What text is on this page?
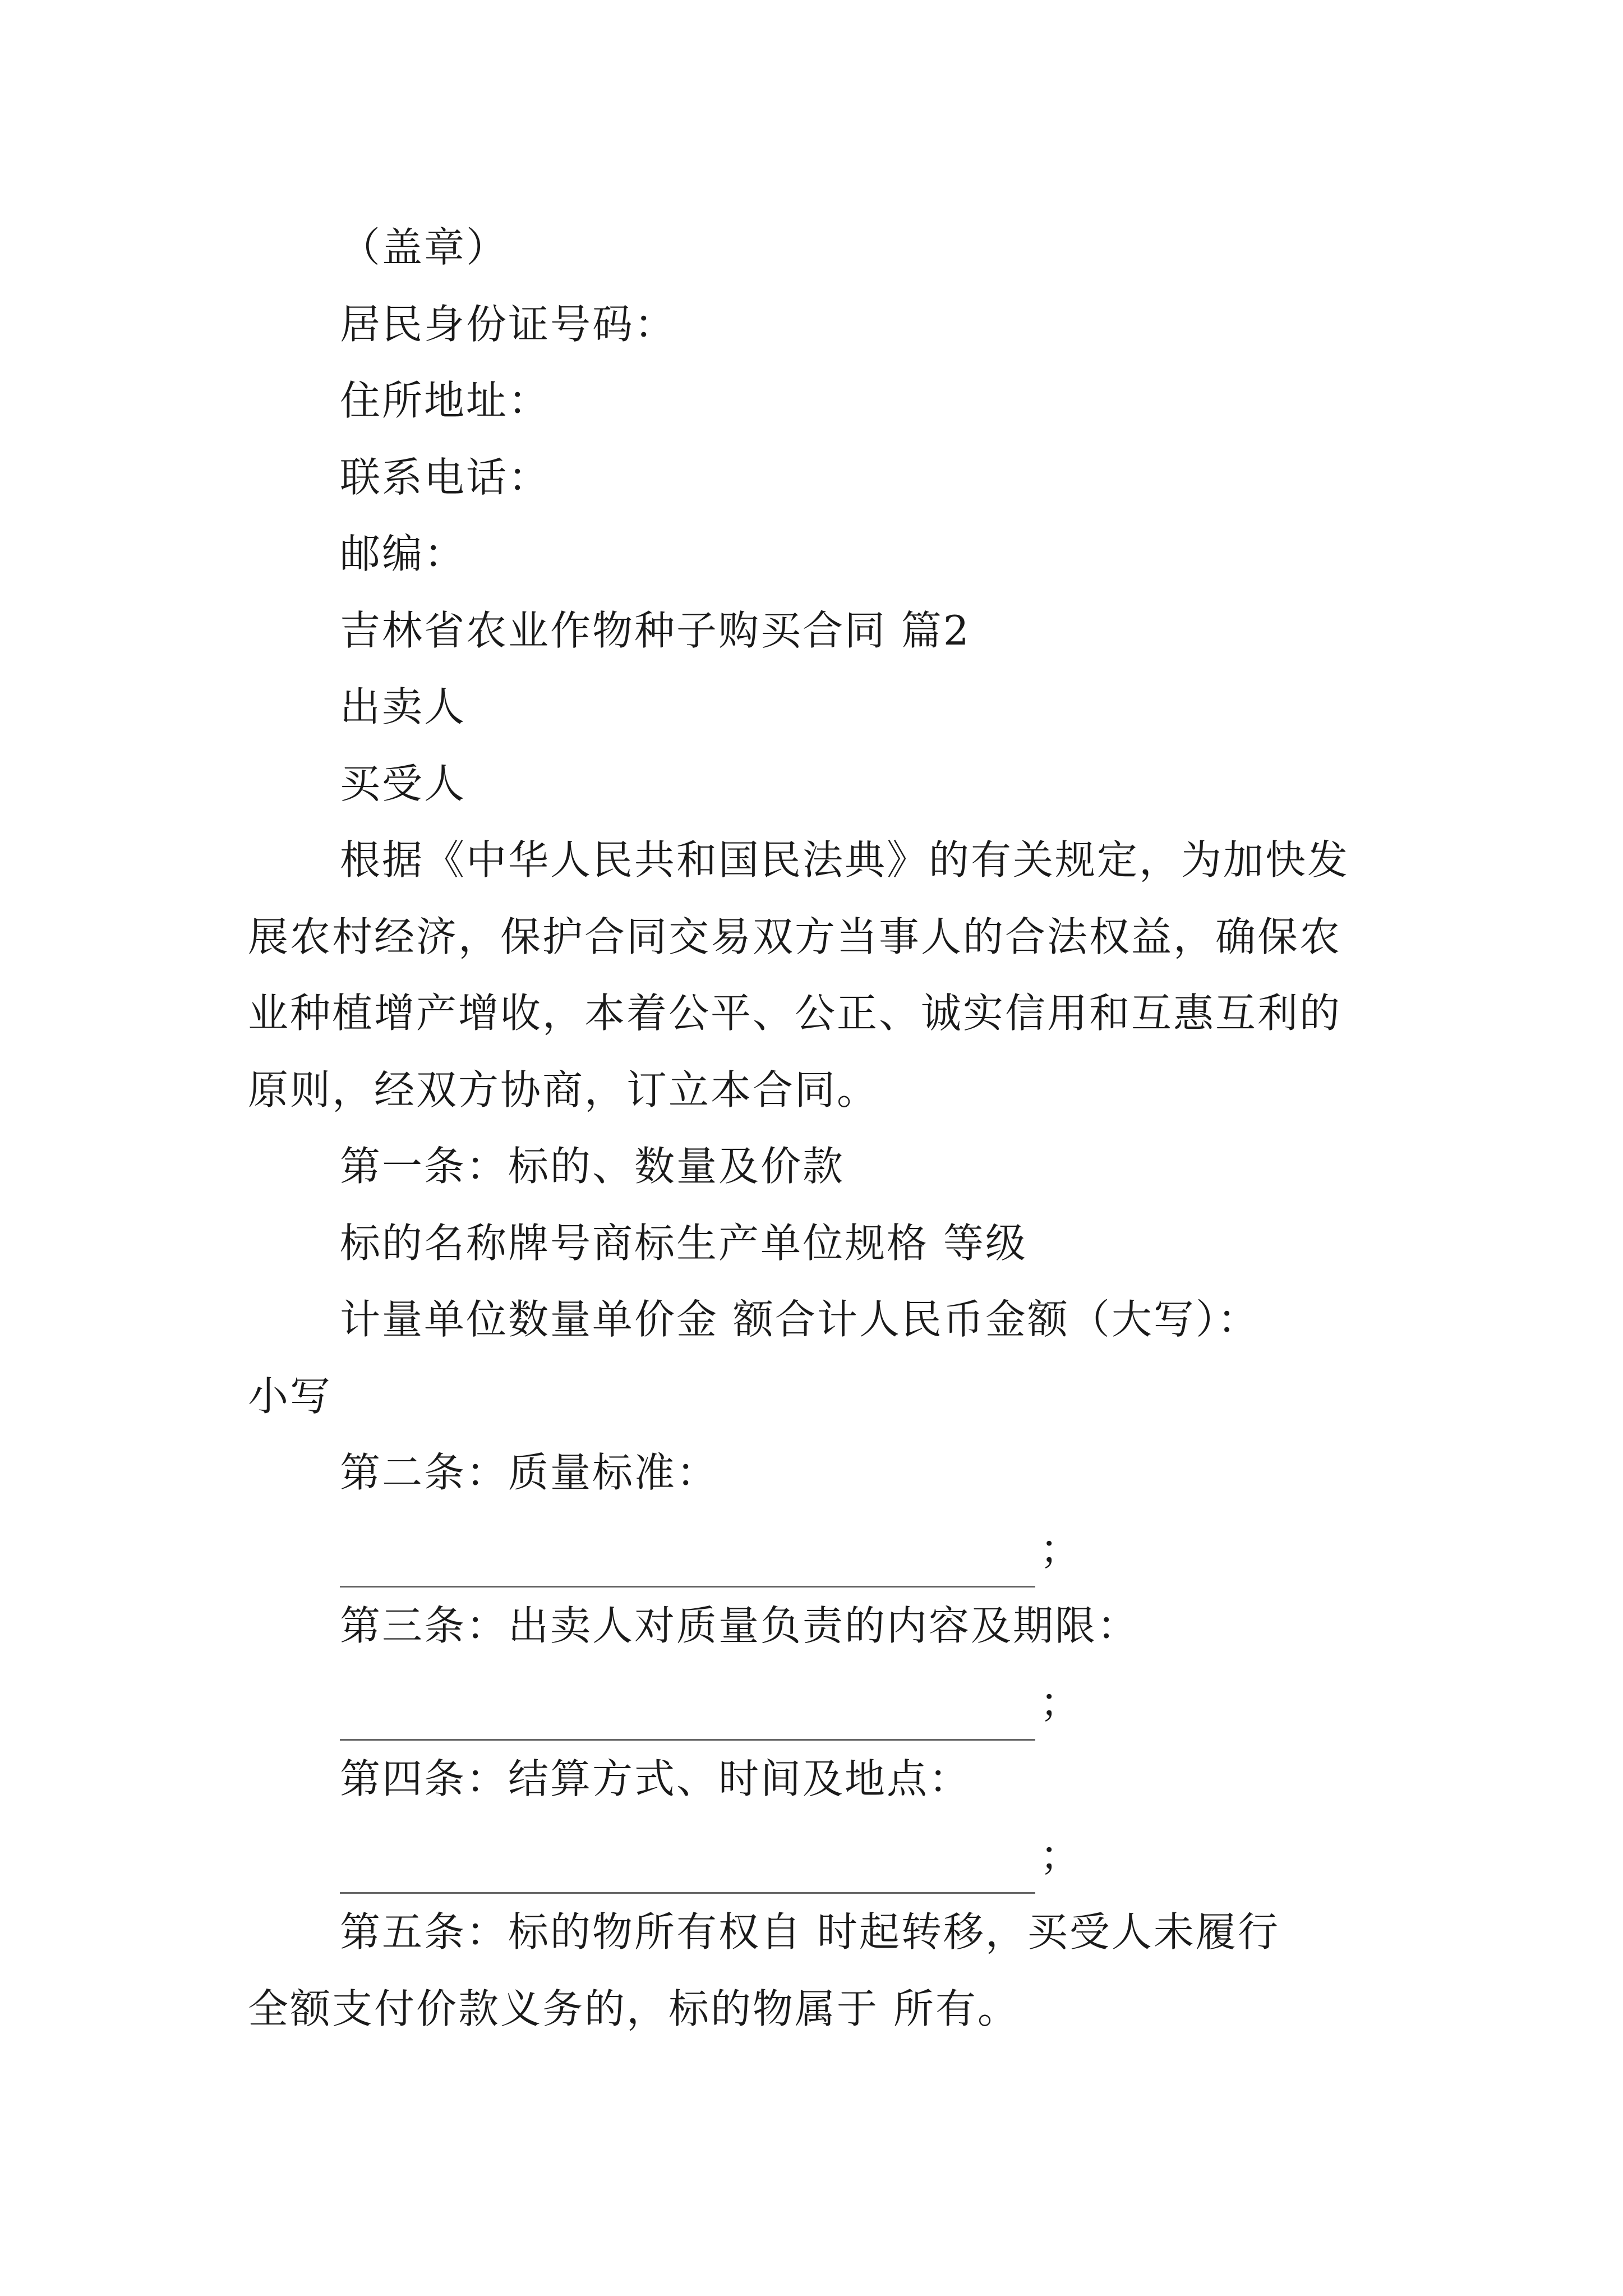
（盖章）
居民身份证号码：
住所地址：
联系电话：
邮编：
吉林省农业作物种子购买合同 篇2
出卖人
买受人
根据《中华人民共和国民法典》的有关规定，为加快发
展农村经济，保护合同交易双方当事人的合法权益，确保农
业种植增产增收，本着公平、公正、诚实信用和互惠互利的
原则，经双方协商，订立本合同。
第一条：标的、数量及价款
标的名称牌号商标生产单位规格 等级
计量单位数量单价金 额合计人民币金额（大写）：
小写
第二条：质量标准：
；
第三条：出卖人对质量负责的内容及期限：
；
第四条：结算方式、时间及地点：
；
第五条：标的物所有权自 时起转移，买受人未履行
全额支付价款义务的，标的物属于 所有。
